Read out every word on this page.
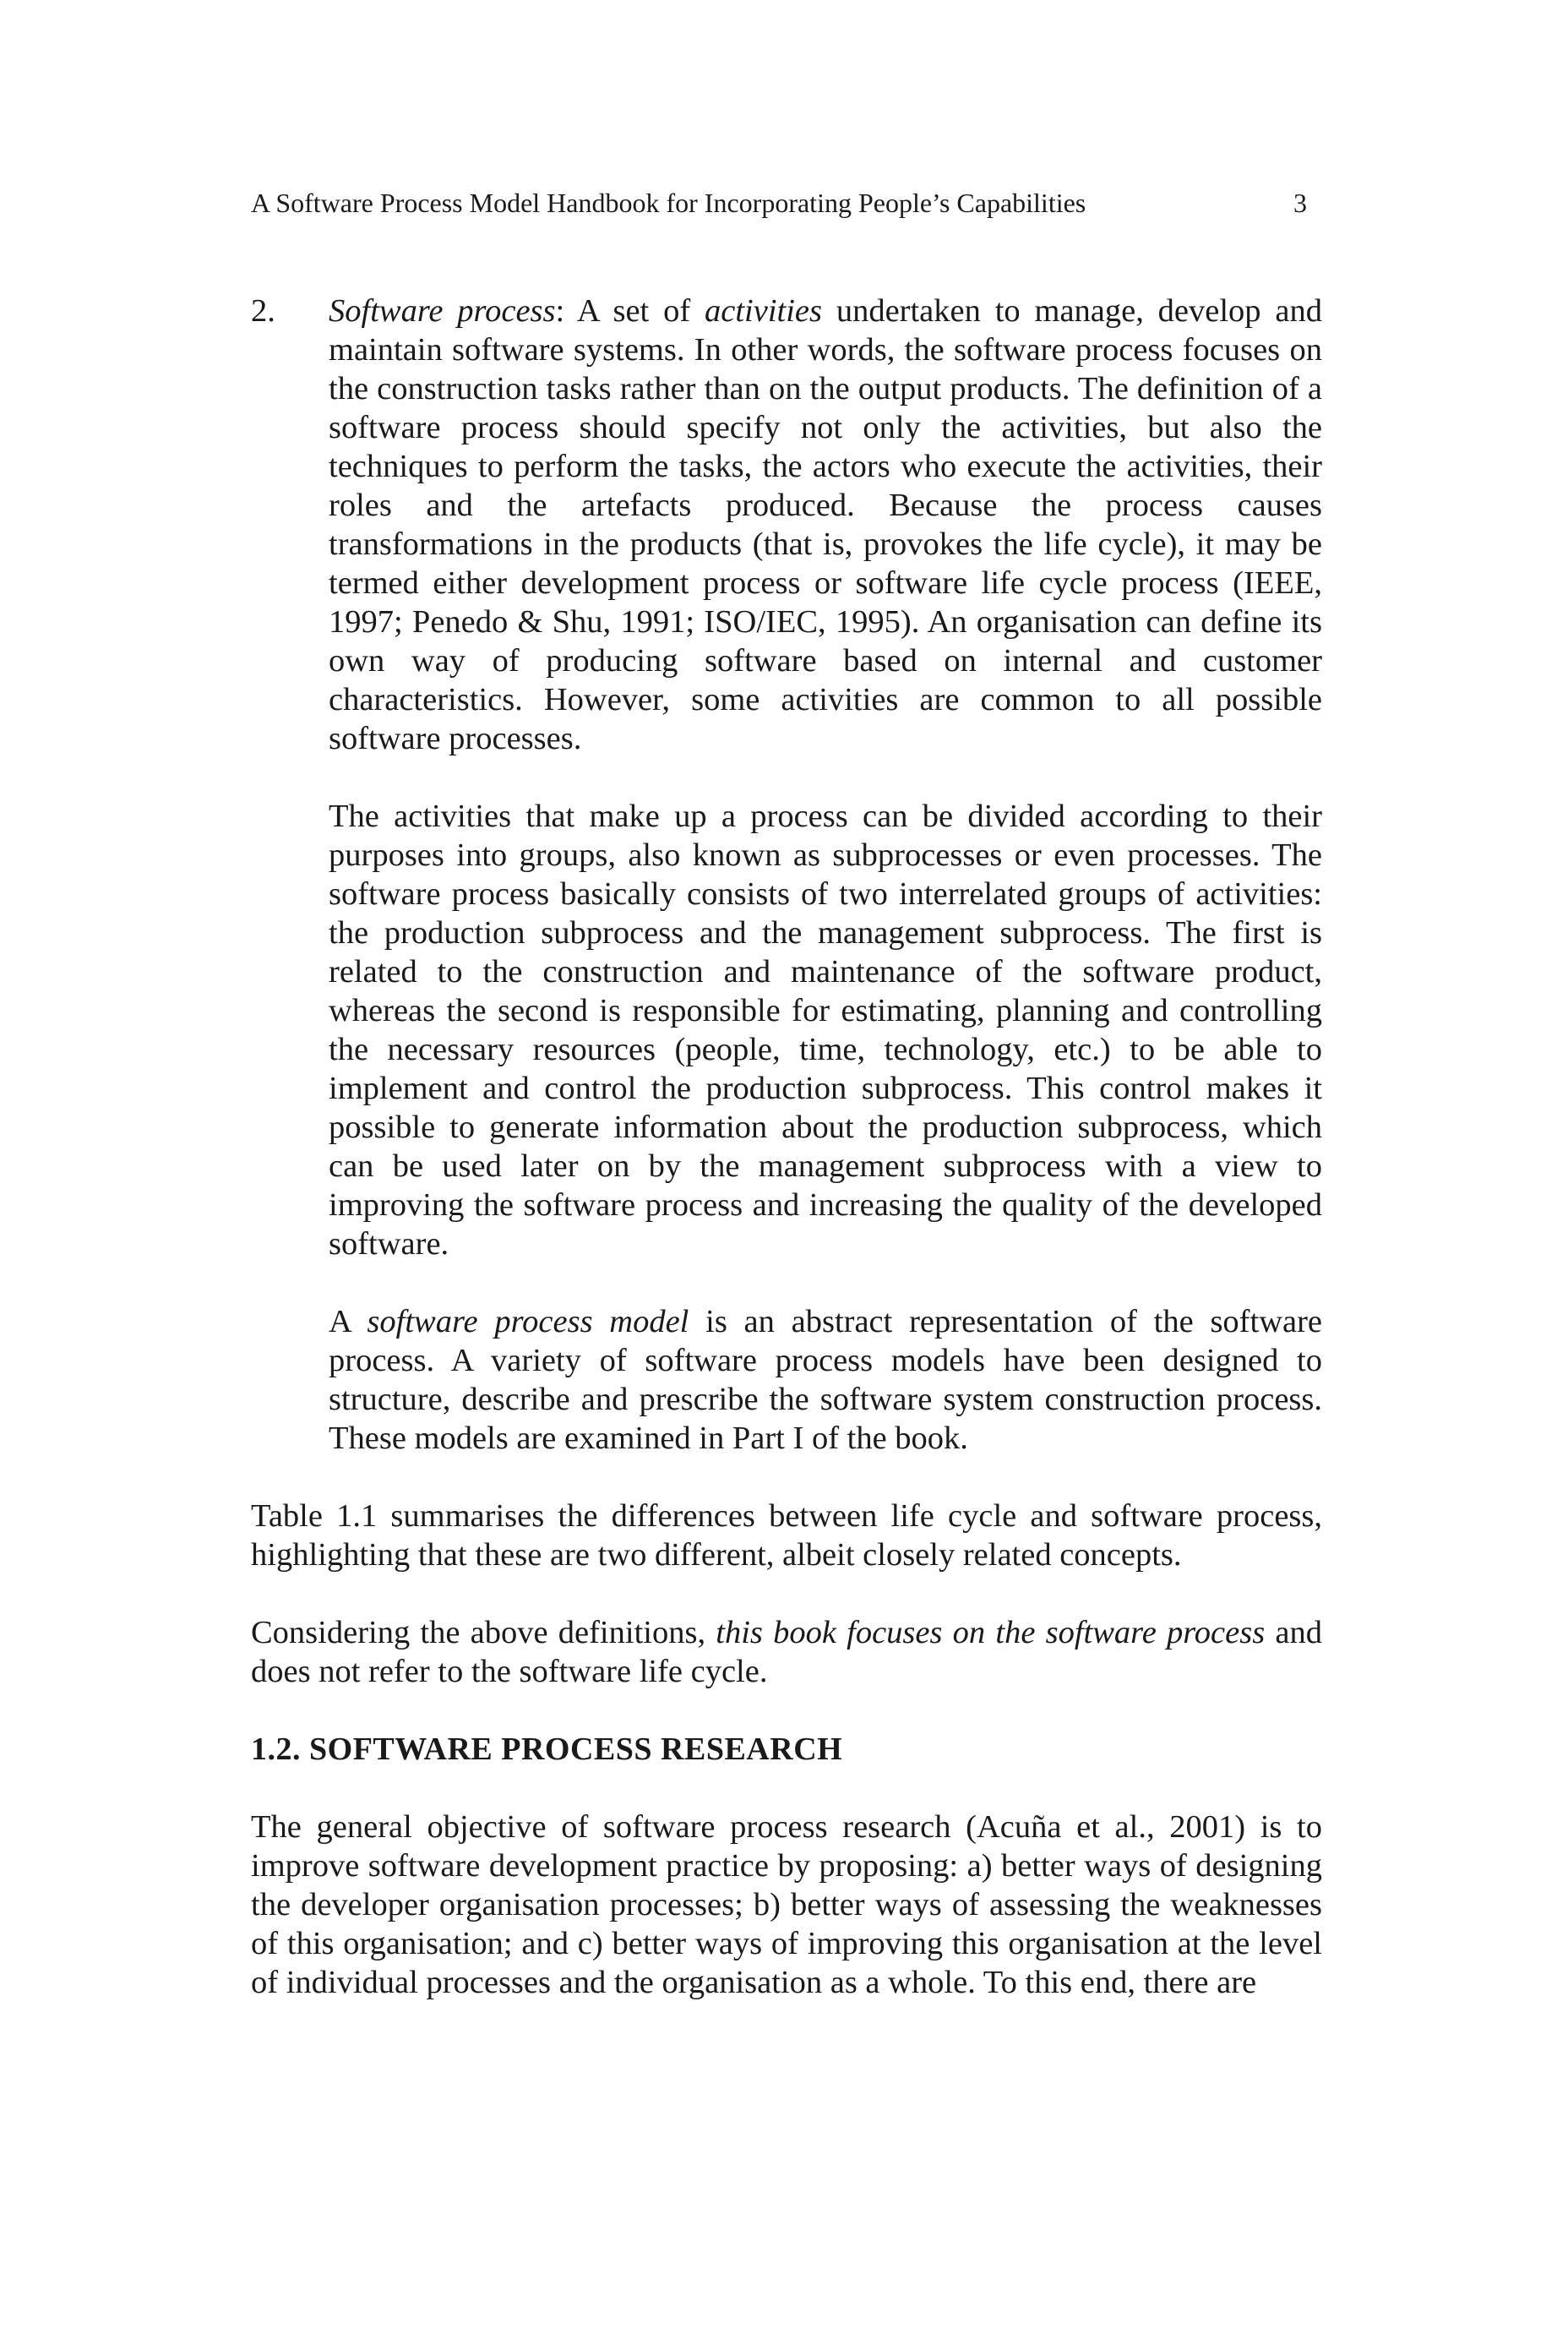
A Software Process Model Handbook for Incorporating People’s Capabilities	3
2. Software process: A set of activities undertaken to manage, develop and maintain software systems. In other words, the software process focuses on the construction tasks rather than on the output products. The definition of a software process should specify not only the activities, but also the techniques to perform the tasks, the actors who execute the activities, their roles and the artefacts produced. Because the process causes transformations in the products (that is, provokes the life cycle), it may be termed either development process or software life cycle process (IEEE, 1997; Penedo & Shu, 1991; ISO/IEC, 1995). An organisation can define its own way of producing software based on internal and customer characteristics. However, some activities are common to all possible software processes.

The activities that make up a process can be divided according to their purposes into groups, also known as subprocesses or even processes. The software process basically consists of two interrelated groups of activities: the production subprocess and the management subprocess. The first is related to the construction and maintenance of the software product, whereas the second is responsible for estimating, planning and controlling the necessary resources (people, time, technology, etc.) to be able to implement and control the production subprocess. This control makes it possible to generate information about the production subprocess, which can be used later on by the management subprocess with a view to improving the software process and increasing the quality of the developed software.

A software process model is an abstract representation of the software process. A variety of software process models have been designed to structure, describe and prescribe the software system construction process. These models are examined in Part I of the book.

Table 1.1 summarises the differences between life cycle and software process, highlighting that these are two different, albeit closely related concepts.

Considering the above definitions, this book focuses on the software process and does not refer to the software life cycle.

1.2. SOFTWARE PROCESS RESEARCH

The general objective of software process research (Acuña et al., 2001) is to improve software development practice by proposing: a) better ways of designing the developer organisation processes; b) better ways of assessing the weaknesses of this organisation; and c) better ways of improving this organisation at the level of individual processes and the organisation as a whole. To this end, there are
